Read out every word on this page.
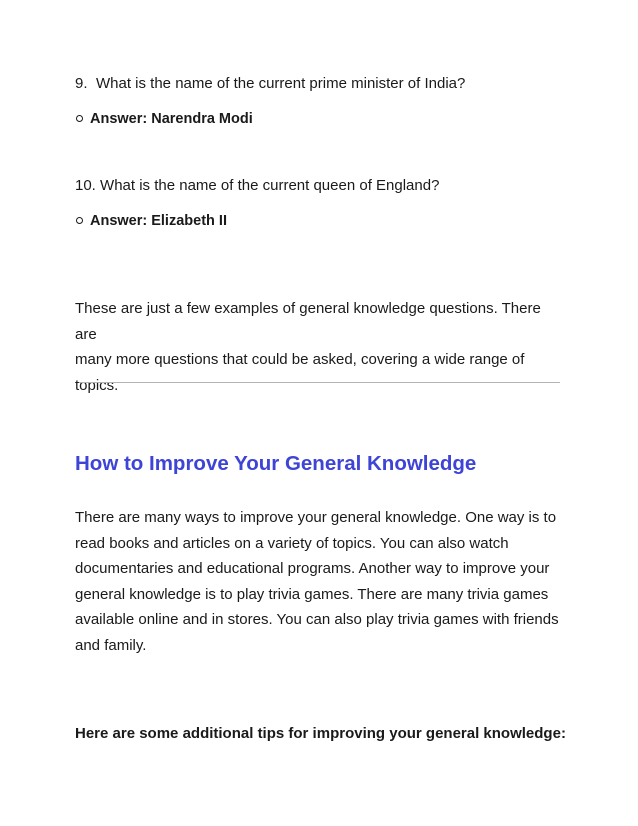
9. What is the name of the current prime minister of India?
Answer: Narendra Modi
10. What is the name of the current queen of England?
Answer: Elizabeth II

These are just a few examples of general knowledge questions. There are

many more questions that could be asked, covering a wide range of topics.

How to Improve Your General Knowledge

There are many ways to improve your general knowledge. One way is to

read books and articles on a variety of topics. You can also watch

documentaries and educational programs. Another way to improve your

general knowledge is to play trivia games. There are many trivia games

available online and in stores. You can also play trivia games with friends

and family.

Here are some additional tips for improving your general knowledge:
